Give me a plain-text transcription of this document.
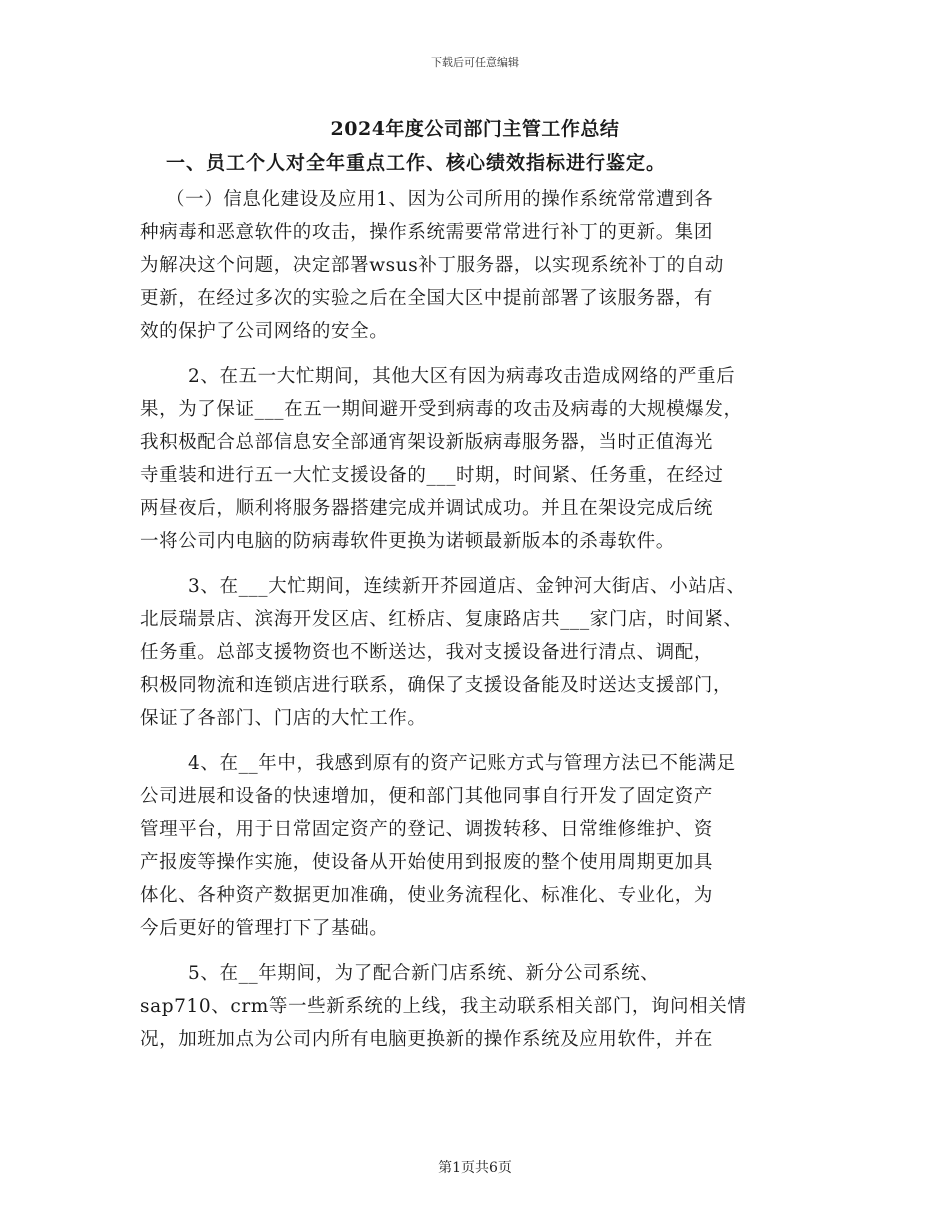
下载后可任意编辑
2024年度公司部门主管工作总结
一、员工个人对全年重点工作、核心绩效指标进行鉴定。
（一）信息化建设及应用1、因为公司所用的操作系统常常遭到各
种病毒和恶意软件的攻击，操作系统需要常常进行补丁的更新。集团
为解决这个问题，决定部署wsus补丁服务器，以实现系统补丁的自动
更新，在经过多次的实验之后在全国大区中提前部署了该服务器，有
效的保护了公司网络的安全。
2、在五一大忙期间，其他大区有因为病毒攻击造成网络的严重后
果，为了保证___在五一期间避开受到病毒的攻击及病毒的大规模爆发，
我积极配合总部信息安全部通宵架设新版病毒服务器，当时正值海光
寺重装和进行五一大忙支援设备的___时期，时间紧、任务重，在经过
两昼夜后，顺利将服务器搭建完成并调试成功。并且在架设完成后统
一将公司内电脑的防病毒软件更换为诺顿最新版本的杀毒软件。
3、在___大忙期间，连续新开芥园道店、金钟河大街店、小站店、
北辰瑞景店、滨海开发区店、红桥店、复康路店共___家门店，时间紧、
任务重。总部支援物资也不断送达，我对支援设备进行清点、调配，
积极同物流和连锁店进行联系，确保了支援设备能及时送达支援部门，
保证了各部门、门店的大忙工作。
4、在__年中，我感到原有的资产记账方式与管理方法已不能满足
公司进展和设备的快速增加，便和部门其他同事自行开发了固定资产
管理平台，用于日常固定资产的登记、调拨转移、日常维修维护、资
产报废等操作实施，使设备从开始使用到报废的整个使用周期更加具
体化、各种资产数据更加准确，使业务流程化、标准化、专业化，为
今后更好的管理打下了基础。
5、在__年期间，为了配合新门店系统、新分公司系统、
sap710、crm等一些新系统的上线，我主动联系相关部门，询问相关情
况，加班加点为公司内所有电脑更换新的操作系统及应用软件，并在
第1页共6页
